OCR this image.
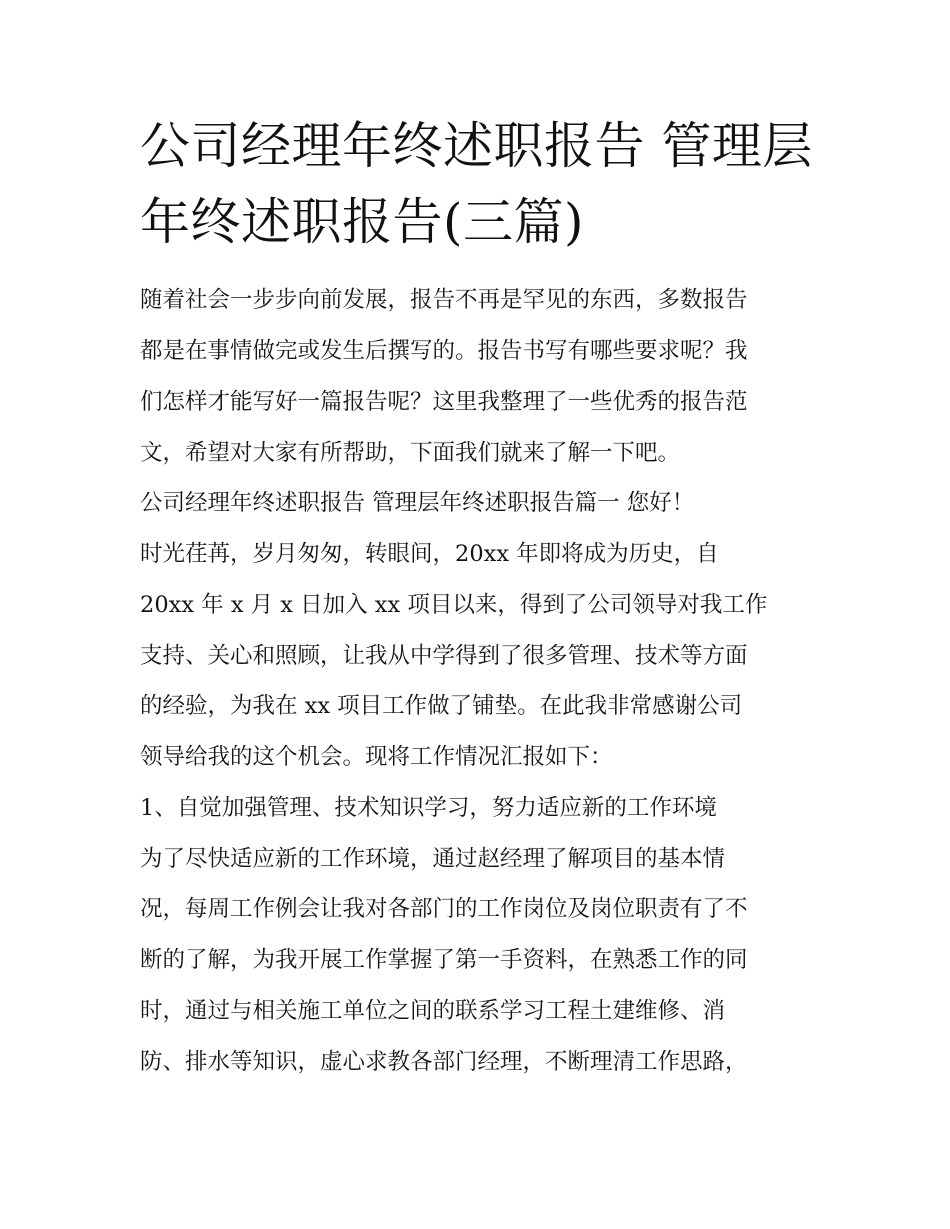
公司经理年终述职报告 管理层
年终述职报告(三篇)
随着社会一步步向前发展，报告不再是罕见的东西，多数报告
都是在事情做完或发生后撰写的。报告书写有哪些要求呢？我
们怎样才能写好一篇报告呢？这里我整理了一些优秀的报告范
文，希望对大家有所帮助，下面我们就来了解一下吧。
公司经理年终述职报告 管理层年终述职报告篇一 您好！
时光荏苒，岁月匆匆，转眼间，20xx 年即将成为历史，自
20xx 年 x 月 x 日加入 xx 项目以来，得到了公司领导对我工作
支持、关心和照顾，让我从中学得到了很多管理、技术等方面
的经验，为我在 xx 项目工作做了铺垫。在此我非常感谢公司
领导给我的这个机会。现将工作情况汇报如下：
1、自觉加强管理、技术知识学习，努力适应新的工作环境
为了尽快适应新的工作环境，通过赵经理了解项目的基本情
况，每周工作例会让我对各部门的工作岗位及岗位职责有了不
断的了解，为我开展工作掌握了第一手资料，在熟悉工作的同
时，通过与相关施工单位之间的联系学习工程土建维修、消
防、排水等知识，虚心求教各部门经理，不断理清工作思路，
